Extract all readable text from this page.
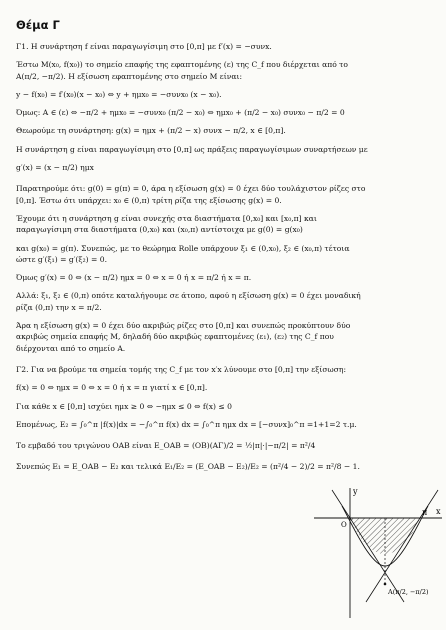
Θέμα Γ
Γ1. Η συνάρτηση f είναι παραγωγίσιμη στο [0,π] με f′(x) = −συνx.
Έστω M(x₀, f(x₀)) το σημείο επαφής της εφαπτομένης (ε) της C_f που διέρχεται από το
A(π/2, −π/2). Η εξίσωση εφαπτομένης στο σημείο M είναι:
y − f(x₀) = f′(x₀)(x − x₀) ⇔ y + ημx₀ = −συνx₀ (x − x₀).
Όμως: A ∈ (ε) ⇔ −π/2 + ημx₀ = −συνx₀ (π/2 − x₀) ⇔ ημx₀ + (π/2 − x₀) συνx₀ − π/2 = 0
Θεωρούμε τη συνάρτηση: g(x) = ημx + (π/2 − x) συνx − π/2, x ∈ [0,π].
Η συνάρτηση g είναι παραγωγίσιμη στο [0,π] ως πράξεις παραγωγίσιμων συναρτήσεων με
g′(x) = (x − π/2) ημx
Παρατηρούμε ότι: g(0) = g(π) = 0, άρα η εξίσωση g(x) = 0 έχει δύο τουλάχιστον ρίζες στο
[0,π]. Έστω ότι υπάρχει: x₀ ∈ (0,π) τρίτη ρίζα της εξίσωσης g(x) = 0.
Έχουμε ότι η συνάρτηση g είναι συνεχής στα διαστήματα [0,x₀] και [x₀,π] και
παραγωγίσιμη στα διαστήματα (0,x₀) και (x₀,π) αντίστοιχα με g(0) = g(x₀)
και g(x₀) = g(π). Συνεπώς, με το θεώρημα Rolle υπάρχουν ξ₁ ∈ (0,x₀), ξ₂ ∈ (x₀,π) τέτοια
ώστε g′(ξ₁) = g′(ξ₂) = 0.
Όμως g′(x) = 0 ⇔ (x − π/2) ημx = 0 ⇔ x = 0 ή x = π/2 ή x = π.
Αλλά: ξ₁, ξ₂ ∈ (0,π) οπότε καταλήγουμε σε άτοπο, αφού η εξίσωση g(x) = 0 έχει μοναδική
ρίζα (0,π) την x = π/2.
Άρα η εξίσωση g(x) = 0 έχει δύο ακριβώς ρίζες στο [0,π] και συνεπώς προκύπτουν δύο
ακριβώς σημεία επαφής M, δηλαδή δύο ακριβώς εφαπτομένες (ε₁), (ε₂) της C_f που
διέρχονται από το σημείο A.
Γ2. Για να βρούμε τα σημεία τομής της C_f με τον x′x λύνουμε στο [0,π] την εξίσωση:
f(x) = 0 ⇔ ημx = 0 ⇔ x = 0 ή x = π γιατί x ∈ [0,π].
Για κάθε x ∈ [0,π] ισχύει ημx ≥ 0 ⇔ −ημx ≤ 0 ⇔ f(x) ≤ 0
Επομένως, E₂ = ∫₀^π |f(x)|dx = −∫₀^π f(x) dx = ∫₀^π ημx dx = [−συνx]₀^π =1+1=2 τ.μ.
Το εμβαδό του τριγώνου OAB είναι E_OAB = (OB)(AΓ)/2 = ½|π|·|−π/2| = π²/4
Συνεπώς E₁ = E_OAB − E₂ και τελικά E₁/E₂ = (E_OAB − E₂)/E₂ = (π²/4 − 2)/2 = π²/8 − 1.
y
x
O
π
A(π/2, −π/2)
